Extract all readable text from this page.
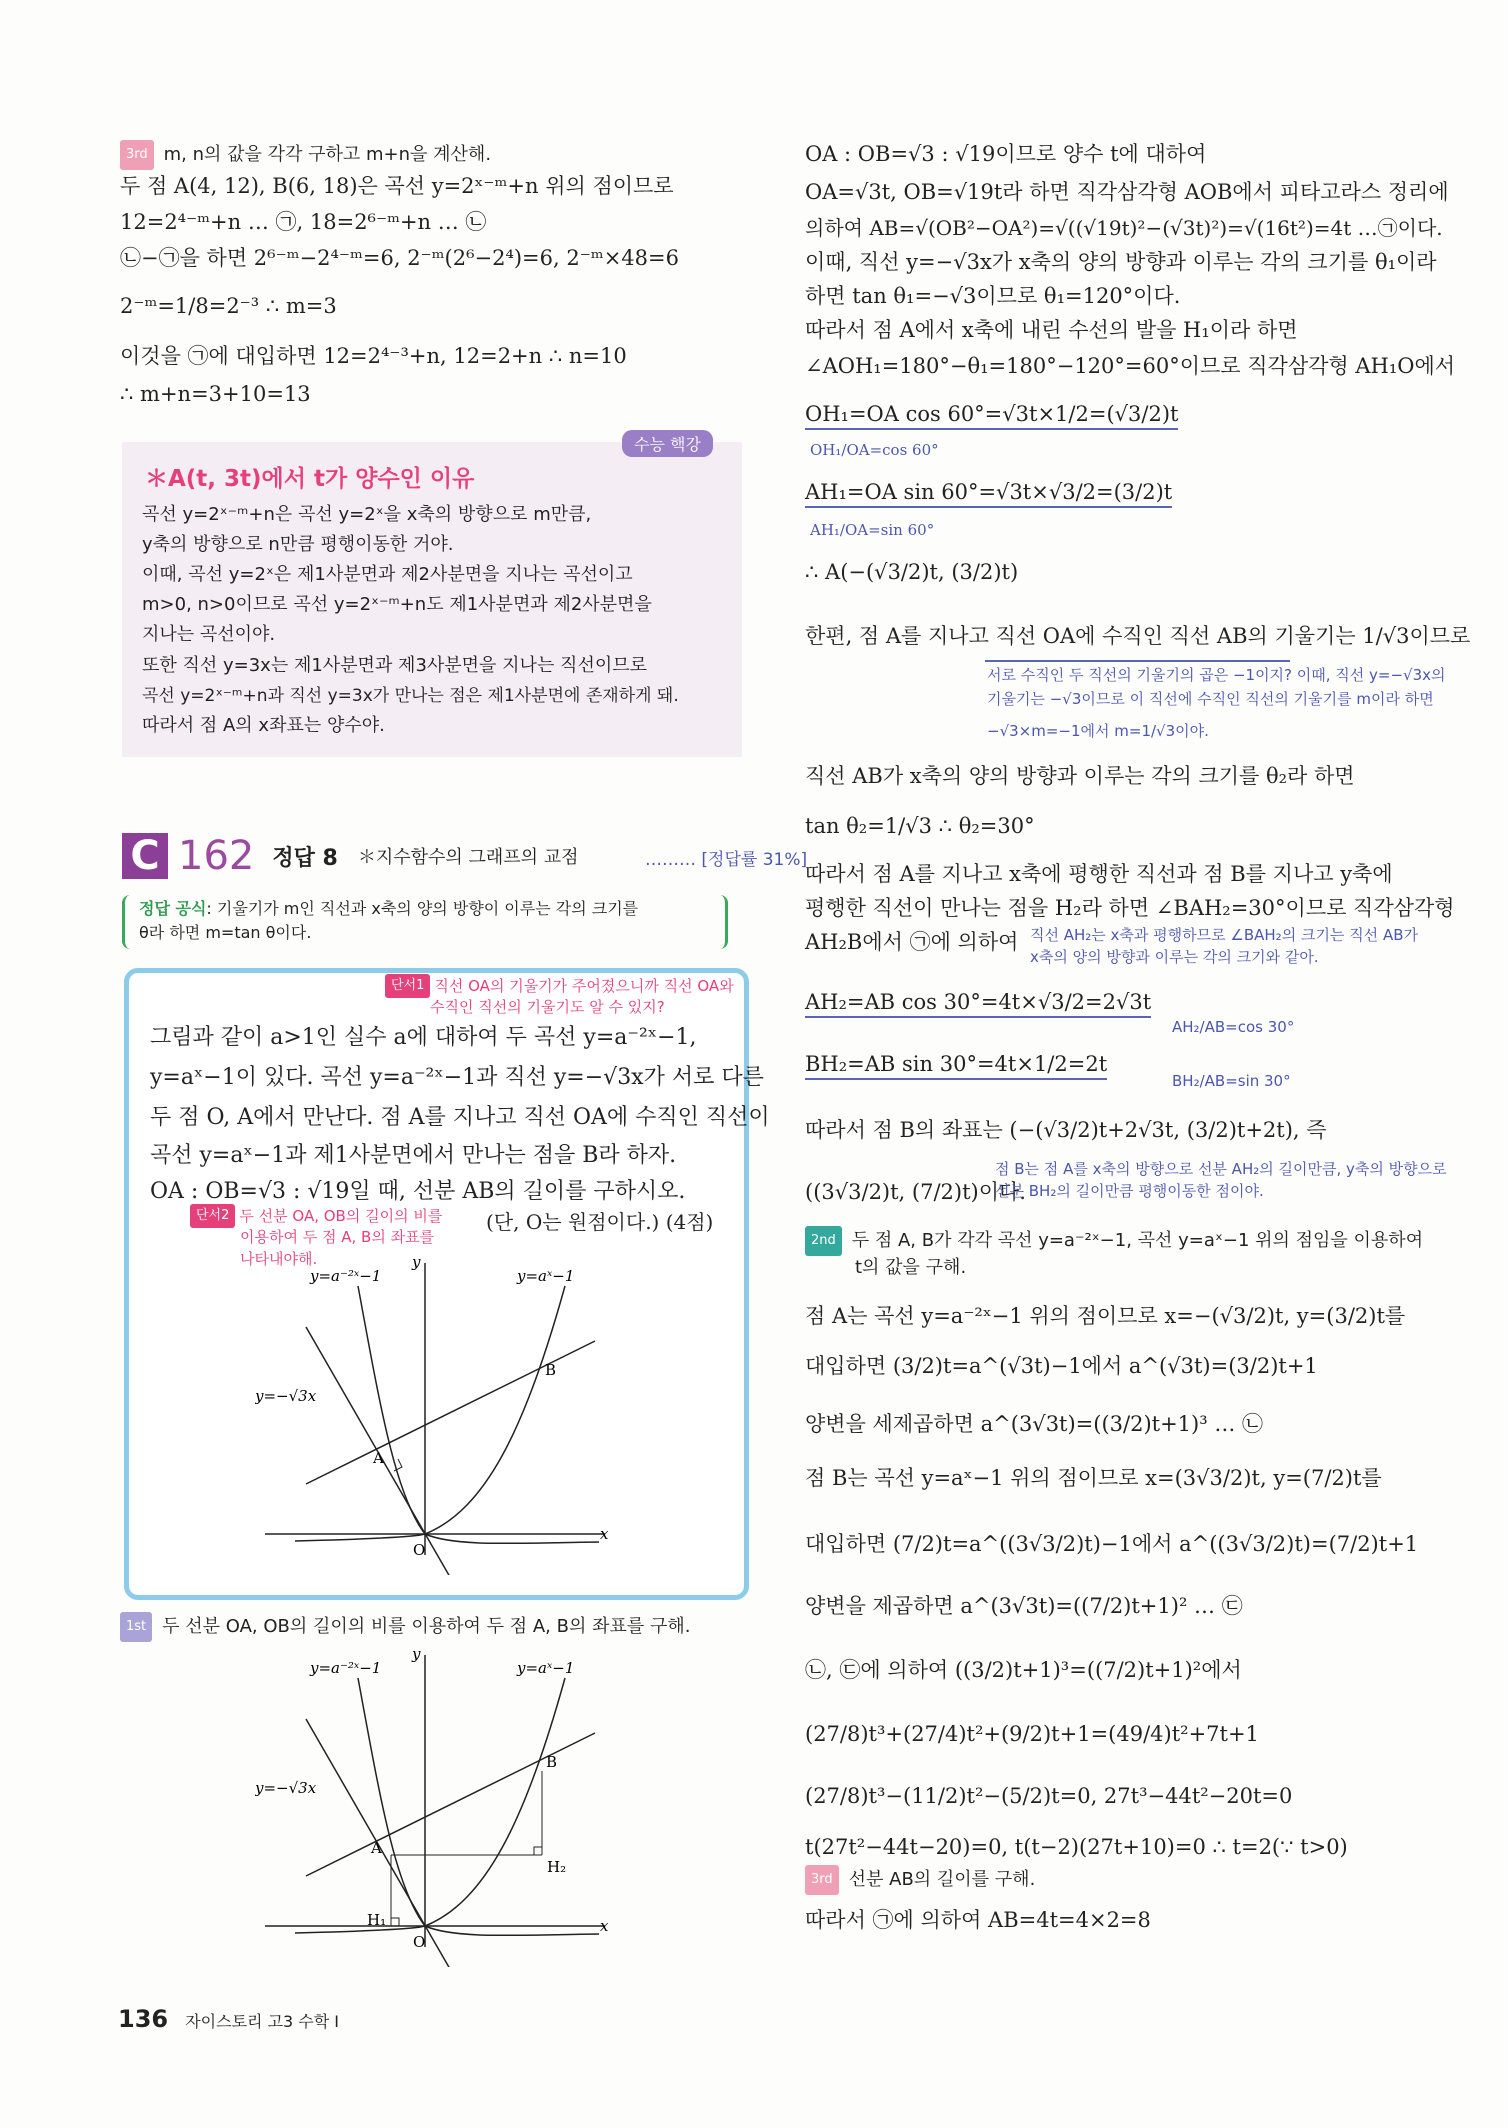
3rd m, n의 값을 각각 구하고 m+n을 계산해.
두 점 A(4, 12), B(6, 18)은 곡선 y=2ˣ⁻ᵐ+n 위의 점이므로
12=2⁴⁻ᵐ+n … ㉠, 18=2⁶⁻ᵐ+n … ㉡
㉡−㉠을 하면 2⁶⁻ᵐ−2⁴⁻ᵐ=6, 2⁻ᵐ(2⁶−2⁴)=6, 2⁻ᵐ×48=6
2⁻ᵐ=1/8=2⁻³ ∴ m=3
이것을 ㉠에 대입하면 12=2⁴⁻³+n, 12=2+n ∴ n=10
∴ m+n=3+10=13
수능 핵강
＊A(t, 3t)에서 t가 양수인 이유
곡선 y=2ˣ⁻ᵐ+n은 곡선 y=2ˣ을 x축의 방향으로 m만큼,
y축의 방향으로 n만큼 평행이동한 거야.
이때, 곡선 y=2ˣ은 제1사분면과 제2사분면을 지나는 곡선이고
m>0, n>0이므로 곡선 y=2ˣ⁻ᵐ+n도 제1사분면과 제2사분면을
지나는 곡선이야.
또한 직선 y=3x는 제1사분면과 제3사분면을 지나는 직선이므로
곡선 y=2ˣ⁻ᵐ+n과 직선 y=3x가 만나는 점은 제1사분면에 존재하게 돼.
따라서 점 A의 x좌표는 양수야.
C 162 정답 8 ＊지수함수의 그래프의 교점	……… [정답률 31%]
정답 공식: 기울기가 m인 직선과 x축의 양의 방향이 이루는 각의 크기를
θ라 하면 m=tan θ이다.
단서1 직선 OA의 기울기가 주어졌으니까 직선 OA와
수직인 직선의 기울기도 알 수 있지?
그림과 같이 a>1인 실수 a에 대하여 두 곡선 y=a⁻²ˣ−1,
y=aˣ−1이 있다. 곡선 y=a⁻²ˣ−1과 직선 y=−√3x가 서로 다른
두 점 O, A에서 만난다. 점 A를 지나고 직선 OA에 수직인 직선이
곡선 y=aˣ−1과 제1사분면에서 만나는 점을 B라 하자.
OA : OB=√3 : √19일 때, 선분 AB의 길이를 구하시오.
단서2 두 선분 OA, OB의 길이의 비를
이용하여 두 점 A, B의 좌표를
나타내야해.
(단, O는 원점이다.) (4점)
y=a⁻²ˣ−1	y=aˣ−1
y=−√3x
x
y
O
A
B
1st 두 선분 OA, OB의 길이의 비를 이용하여 두 점 A, B의 좌표를 구해.
y=a⁻²ˣ−1	y=aˣ−1
y=−√3x
x
y
O
A
B
H₁
H₂
OA : OB=√3 : √19이므로 양수 t에 대하여
OA=√3t, OB=√19t라 하면 직각삼각형 AOB에서 피타고라스 정리에
의하여 AB=√(OB²−OA²)=√((√19t)²−(√3t)²)=√(16t²)=4t …㉠이다.
이때, 직선 y=−√3x가 x축의 양의 방향과 이루는 각의 크기를 θ₁이라
하면 tan θ₁=−√3이므로 θ₁=120°이다.
따라서 점 A에서 x축에 내린 수선의 발을 H₁이라 하면
∠AOH₁=180°−θ₁=180°−120°=60°이므로 직각삼각형 AH₁O에서
OH₁=OA cos 60°=√3t×1/2=(√3/2)t
OH₁/OA=cos 60°
AH₁=OA sin 60°=√3t×√3/2=(3/2)t
AH₁/OA=sin 60°
∴ A(−(√3/2)t, (3/2)t)
한편, 점 A를 지나고 직선 OA에 수직인 직선 AB의 기울기는 1/√3이므로
서로 수직인 두 직선의 기울기의 곱은 −1이지? 이때, 직선 y=−√3x의
기울기는 −√3이므로 이 직선에 수직인 직선의 기울기를 m이라 하면
−√3×m=−1에서 m=1/√3이야.
직선 AB가 x축의 양의 방향과 이루는 각의 크기를 θ₂라 하면
tan θ₂=1/√3 ∴ θ₂=30°
따라서 점 A를 지나고 x축에 평행한 직선과 점 B를 지나고 y축에
평행한 직선이 만나는 점을 H₂라 하면 ∠BAH₂=30°이므로 직각삼각형
AH₂B에서 ㉠에 의하여 직선 AH₂는 x축과 평행하므로 ∠BAH₂의 크기는 직선 AB가
x축의 양의 방향과 이루는 각의 크기와 같아.
AH₂=AB cos 30°=4t×√3/2=2√3t
AH₂/AB=cos 30°
BH₂=AB sin 30°=4t×1/2=2t
BH₂/AB=sin 30°
따라서 점 B의 좌표는 (−(√3/2)t+2√3t, (3/2)t+2t), 즉
((3√3/2)t, (7/2)t)이다.
점 B는 점 A를 x축의 방향으로 선분 AH₂의 길이만큼, y축의 방향으로
선분 BH₂의 길이만큼 평행이동한 점이야.
2nd 두 점 A, B가 각각 곡선 y=a⁻²ˣ−1, 곡선 y=aˣ−1 위의 점임을 이용하여
t의 값을 구해.
점 A는 곡선 y=a⁻²ˣ−1 위의 점이므로 x=−(√3/2)t, y=(3/2)t를
대입하면 (3/2)t=a^(√3t)−1에서 a^(√3t)=(3/2)t+1
양변을 세제곱하면 a^(3√3t)=((3/2)t+1)³ … ㉡
점 B는 곡선 y=aˣ−1 위의 점이므로 x=(3√3/2)t, y=(7/2)t를
대입하면 (7/2)t=a^((3√3/2)t)−1에서 a^((3√3/2)t)=(7/2)t+1
양변을 제곱하면 a^(3√3t)=((7/2)t+1)² … ㉢
㉡, ㉢에 의하여 ((3/2)t+1)³=((7/2)t+1)²에서
(27/8)t³+(27/4)t²+(9/2)t+1=(49/4)t²+7t+1
(27/8)t³−(11/2)t²−(5/2)t=0, 27t³−44t²−20t=0
t(27t²−44t−20)=0, t(t−2)(27t+10)=0 ∴ t=2(∵ t>0)
3rd 선분 AB의 길이를 구해.
따라서 ㉠에 의하여 AB=4t=4×2=8
136 자이스토리 고3 수학 I
